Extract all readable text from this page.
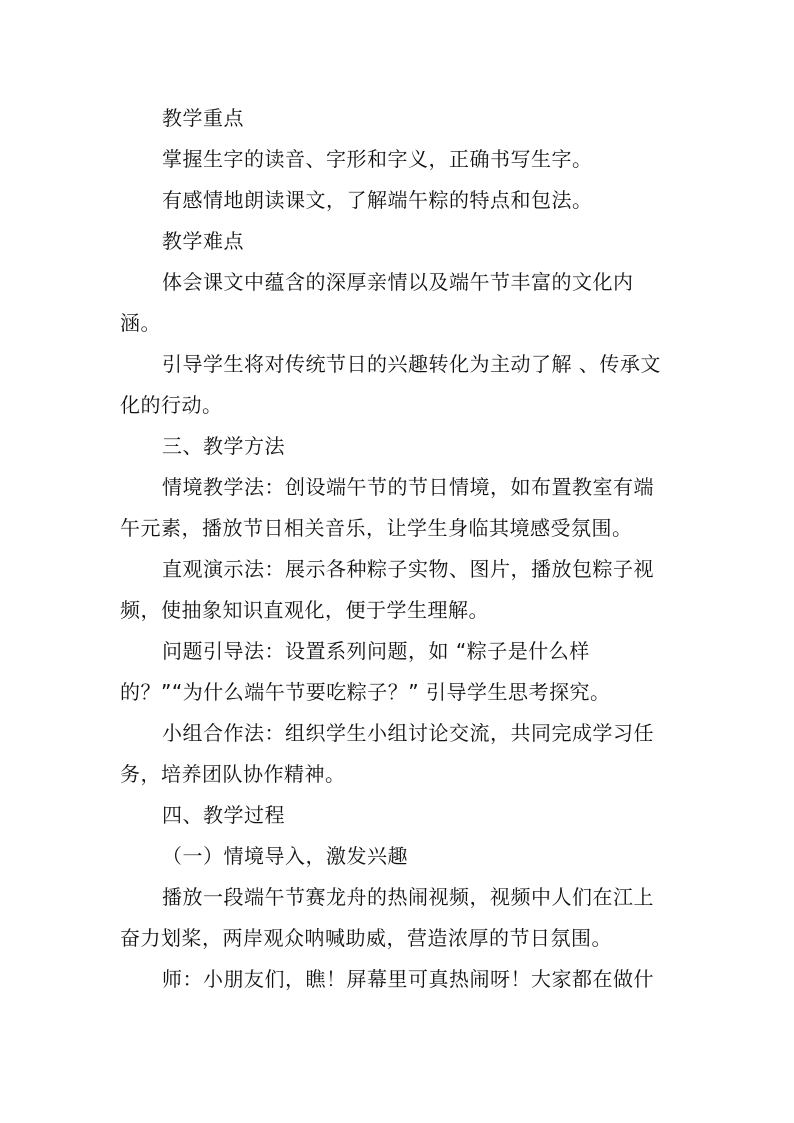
教学重点
掌握生字的读音、字形和字义，正确书写生字。
有感情地朗读课文，了解端午粽的特点和包法。
教学难点
体会课文中蕴含的深厚亲情以及端午节丰富的文化内
涵。
引导学生将对传统节日的兴趣转化为主动了解 、传承文
化的行动。
三、教学方法
情境教学法：创设端午节的节日情境，如布置教室有端
午元素，播放节日相关音乐，让学生身临其境感受氛围。
直观演示法：展示各种粽子实物、图片，播放包粽子视
频，使抽象知识直观化，便于学生理解。
问题引导法：设置系列问题，如 “粽子是什么样
的？”“为什么端午节要吃粽子？” 引导学生思考探究。
小组合作法：组织学生小组讨论交流，共同完成学习任
务，培养团队协作精神。
四、教学过程
（一）情境导入，激发兴趣
播放一段端午节赛龙舟的热闹视频，视频中人们在江上
奋力划桨，两岸观众呐喊助威，营造浓厚的节日氛围。
师：小朋友们，瞧！屏幕里可真热闹呀！大家都在做什
